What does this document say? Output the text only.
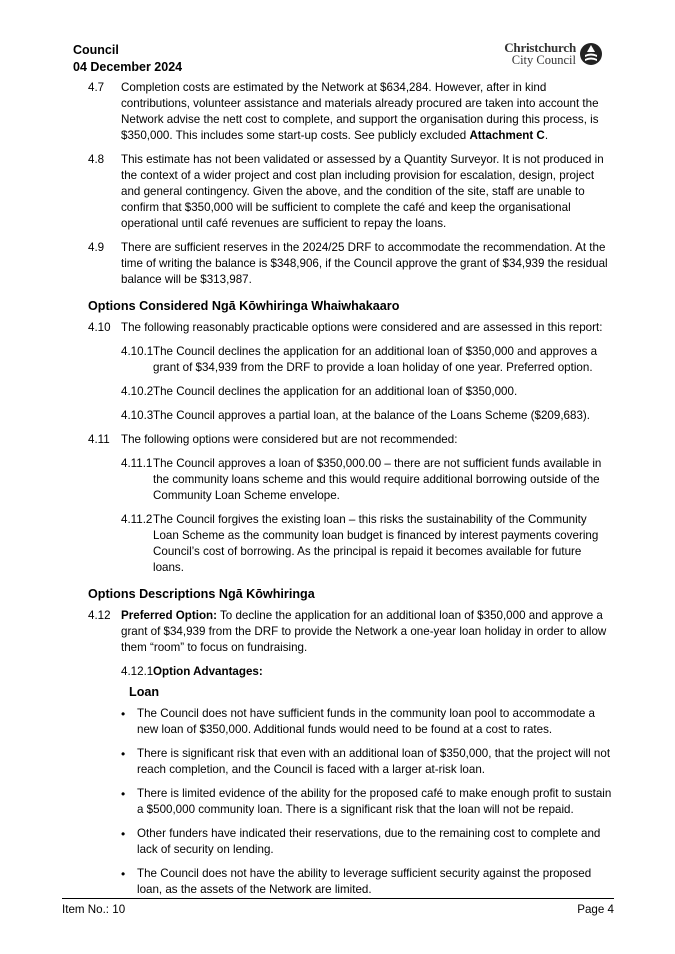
Council
04 December 2024
Christchurch
City Council
4.7 Completion costs are estimated by the Network at $634,284. However, after in kind contributions, volunteer assistance and materials already procured are taken into account the Network advise the nett cost to complete, and support the organisation during this process, is $350,000. This includes some start-up costs. See publicly excluded Attachment C.
4.8 This estimate has not been validated or assessed by a Quantity Surveyor. It is not produced in the context of a wider project and cost plan including provision for escalation, design, project and general contingency. Given the above, and the condition of the site, staff are unable to confirm that $350,000 will be sufficient to complete the café and keep the organisational operational until café revenues are sufficient to repay the loans.
4.9 There are sufficient reserves in the 2024/25 DRF to accommodate the recommendation. At the time of writing the balance is $348,906, if the Council approve the grant of $34,939 the residual balance will be $313,987.
Options Considered Ngā Kōwhiringa Whaiwhakaaro
4.10 The following reasonably practicable options were considered and are assessed in this report:
4.10.1 The Council declines the application for an additional loan of $350,000 and approves a grant of $34,939 from the DRF to provide a loan holiday of one year. Preferred option.
4.10.2 The Council declines the application for an additional loan of $350,000.
4.10.3 The Council approves a partial loan, at the balance of the Loans Scheme ($209,683).
4.11 The following options were considered but are not recommended:
4.11.1 The Council approves a loan of $350,000.00 – there are not sufficient funds available in the community loans scheme and this would require additional borrowing outside of the Community Loan Scheme envelope.
4.11.2 The Council forgives the existing loan – this risks the sustainability of the Community Loan Scheme as the community loan budget is financed by interest payments covering Council’s cost of borrowing. As the principal is repaid it becomes available for future loans.
Options Descriptions Ngā Kōwhiringa
4.12 Preferred Option: To decline the application for an additional loan of $350,000 and approve a grant of $34,939 from the DRF to provide the Network a one-year loan holiday in order to allow them “room” to focus on fundraising.
4.12.1 Option Advantages:
Loan
• The Council does not have sufficient funds in the community loan pool to accommodate a new loan of $350,000. Additional funds would need to be found at a cost to rates.
• There is significant risk that even with an additional loan of $350,000, that the project will not reach completion, and the Council is faced with a larger at-risk loan.
• There is limited evidence of the ability for the proposed café to make enough profit to sustain a $500,000 community loan. There is a significant risk that the loan will not be repaid.
• Other funders have indicated their reservations, due to the remaining cost to complete and lack of security on lending.
• The Council does not have the ability to leverage sufficient security against the proposed loan, as the assets of the Network are limited.
Item No.: 10	Page 4
